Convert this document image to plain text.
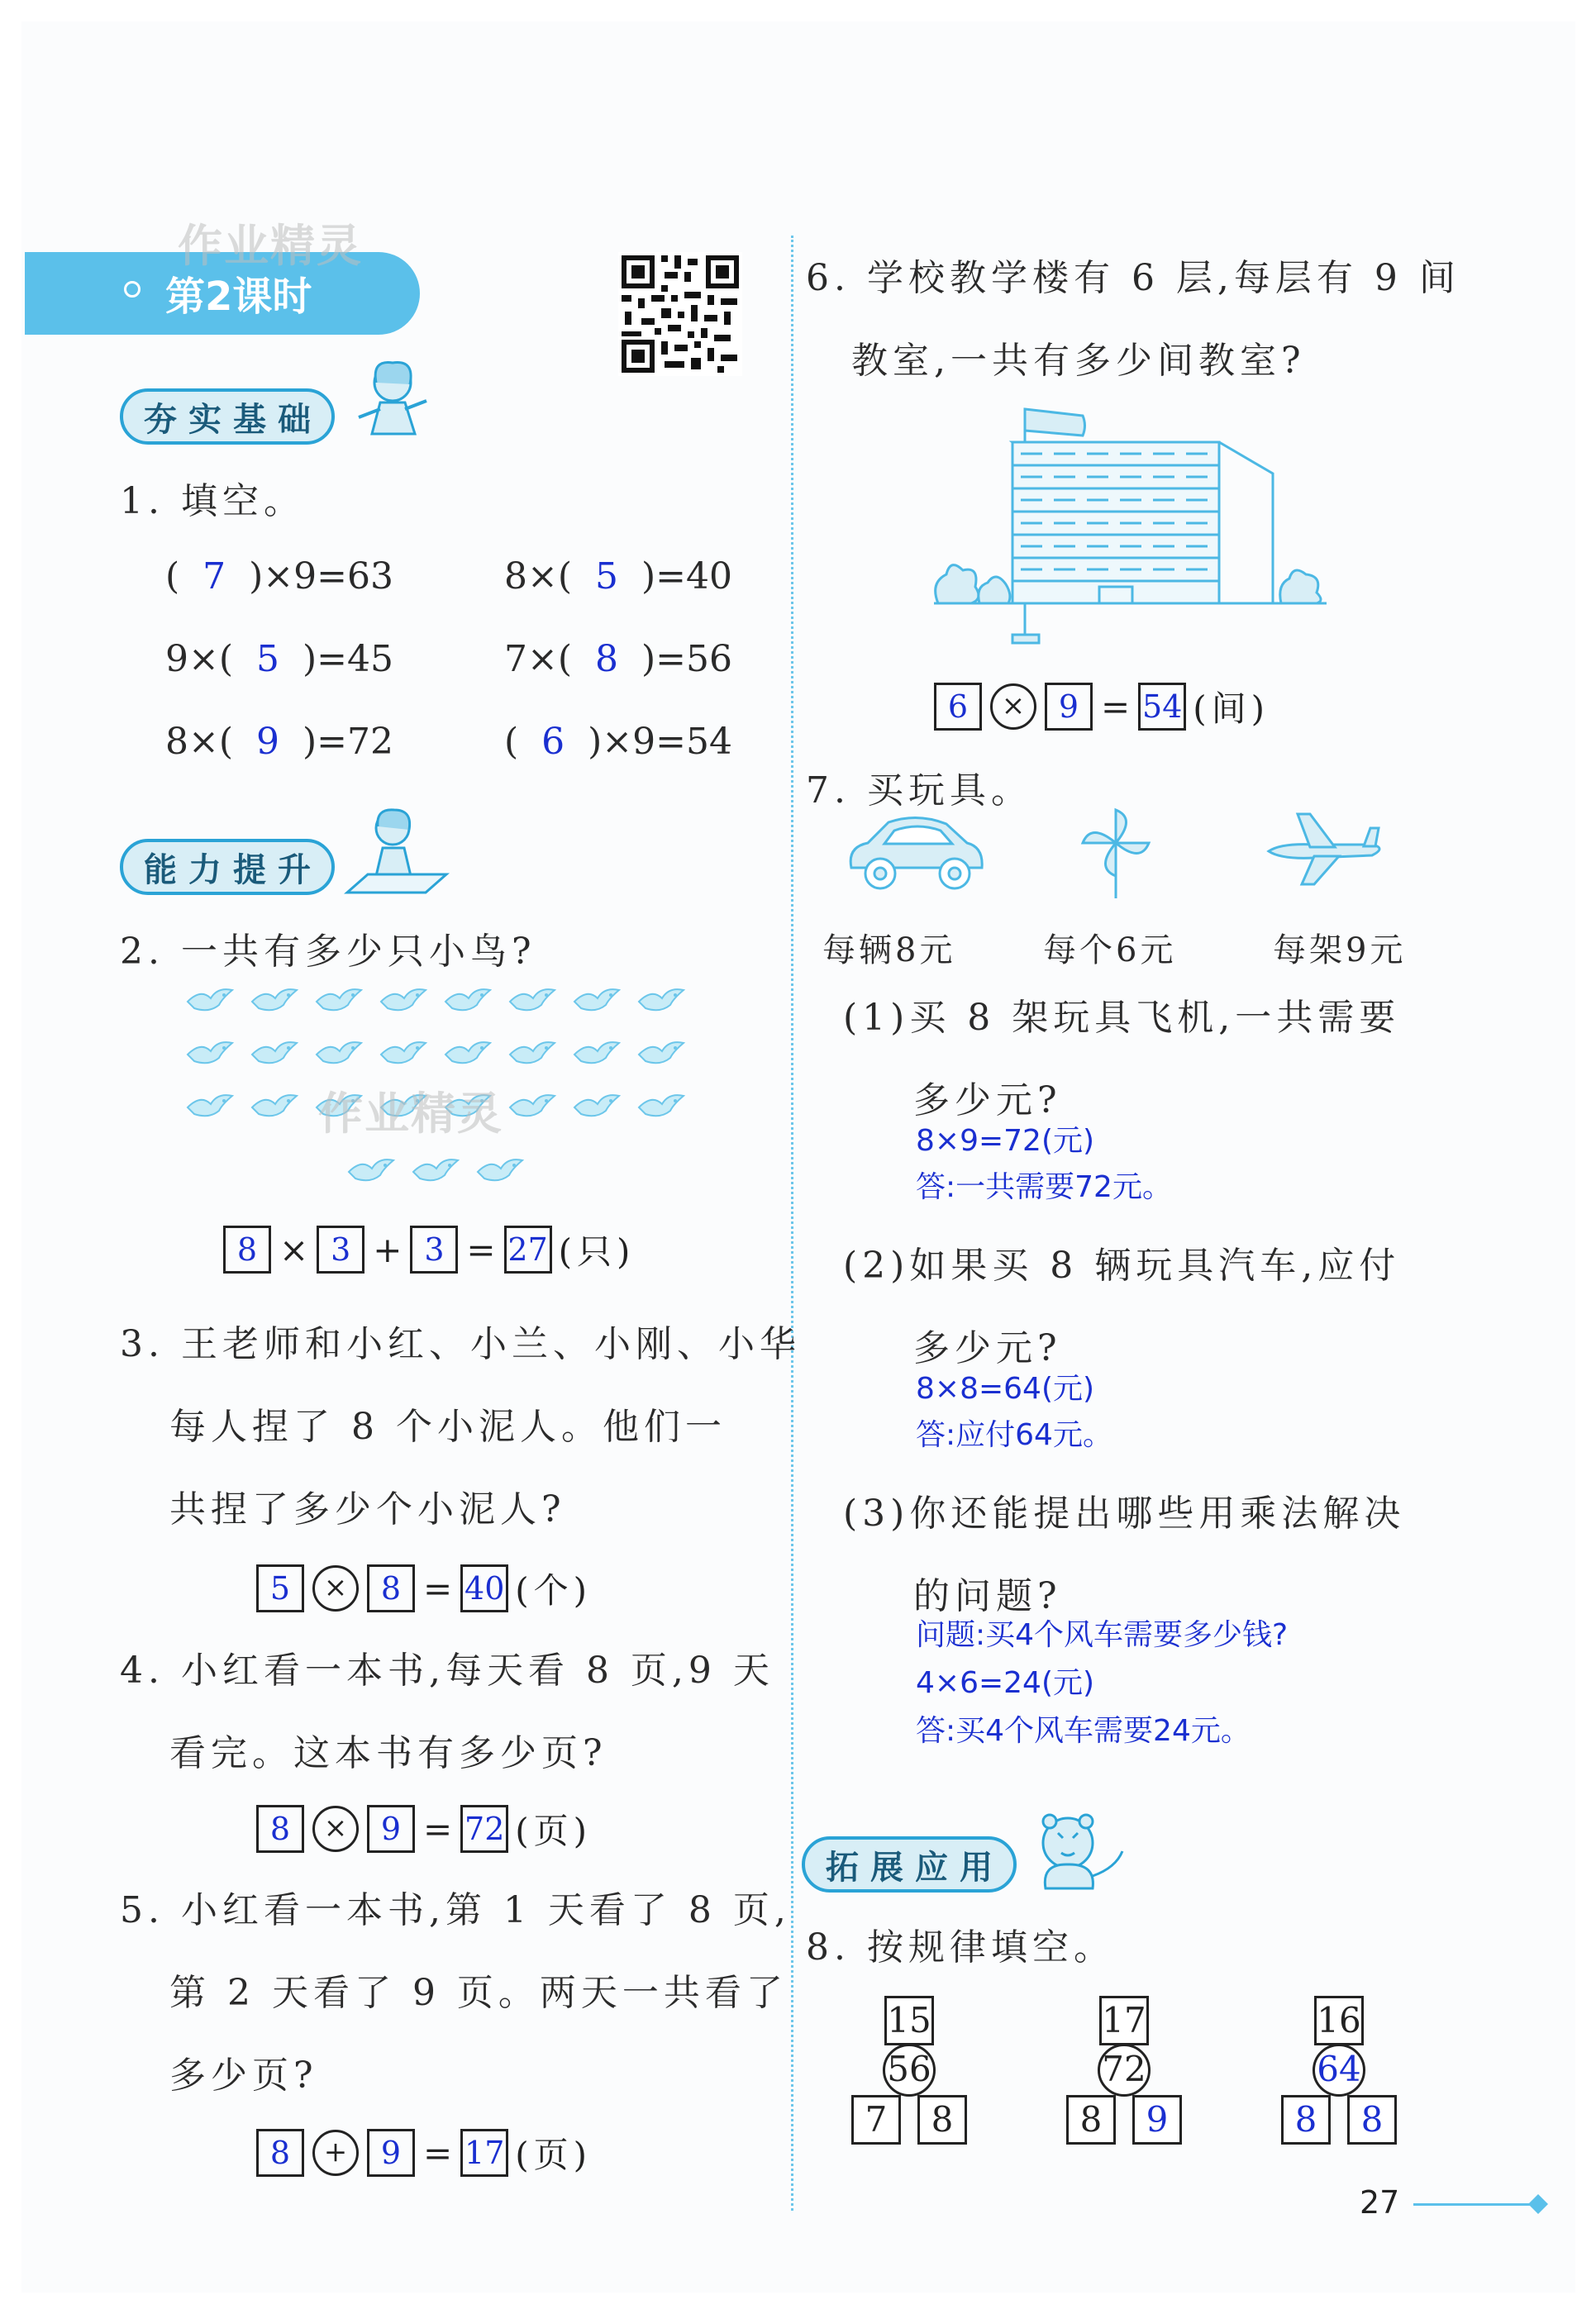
第2课时
作业精灵
夯实基础
1. 填空。
( 7 )×9=63	8×( 5 )=40
9×( 5 )=45	7×( 8 )=56
8×( 9 )=72	( 6 )×9=54
能力提升
2. 一共有多少只小鸟?
作业精灵
8 × 3 + 3 = 27 (只)
3. 王老师和小红、小兰、小刚、小华
每人捏了 8 个小泥人。他们一
共捏了多少个小泥人?
5 × 8 = 40 (个)
4. 小红看一本书,每天看 8 页,9 天
看完。这本书有多少页?
8 × 9 = 72 (页)
5. 小红看一本书,第 1 天看了 8 页,
第 2 天看了 9 页。两天一共看了
多少页?
8 + 9 = 17 (页)
6. 学校教学楼有 6 层,每层有 9 间
教室,一共有多少间教室?
6 × 9 = 54 (间)
7. 买玩具。
每辆8元	每个6元	每架9元
(1)买 8 架玩具飞机,一共需要
多少元?
8×9=72(元)
答:一共需要72元。
(2)如果买 8 辆玩具汽车,应付
多少元?
8×8=64(元)
答:应付64元。
(3)你还能提出哪些用乘法解决
的问题?
问题:买4个风车需要多少钱?
4×6=24(元)
答:买4个风车需要24元。
拓展应用
8. 按规律填空。
15
56
7	8
17
72
8	9
16
64
8	8
27
